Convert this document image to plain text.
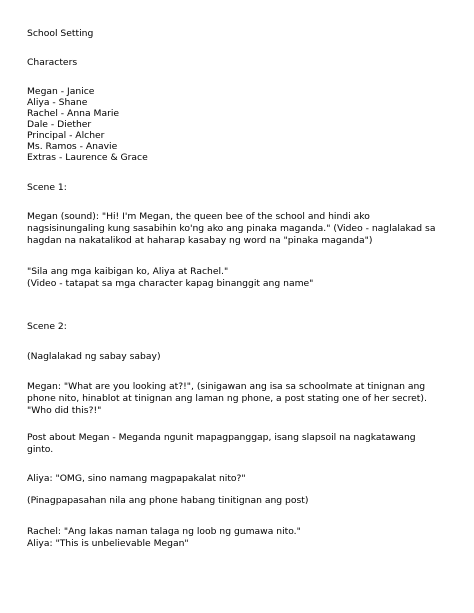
School Setting
Characters
Megan - Janice
Aliya - Shane
Rachel - Anna Marie
Dale - Diether
Principal - Alcher
Ms. Ramos - Anavie
Extras - Laurence & Grace
Scene 1:
Megan (sound): "Hi! I'm Megan, the queen bee of the school and hindi ako
nagsisinungaling kung sasabihin ko'ng ako ang pinaka maganda." (Video - naglalakad sa
hagdan na nakatalikod at haharap kasabay ng word na "pinaka maganda")
"Sila ang mga kaibigan ko, Aliya at Rachel."
(Video - tatapat sa mga character kapag binanggit ang name"
Scene 2:
(Naglalakad ng sabay sabay)
Megan: "What are you looking at?!", (sinigawan ang isa sa schoolmate at tinignan ang
phone nito, hinablot at tinignan ang laman ng phone, a post stating one of her secret).
"Who did this?!"
Post about Megan - Meganda ngunit mapagpanggap, isang slapsoil na nagkatawang
ginto.
Aliya: "OMG, sino namang magpapakalat nito?"
(Pinagpapasahan nila ang phone habang tinitignan ang post)
Rachel: "Ang lakas naman talaga ng loob ng gumawa nito."
Aliya: "This is unbelievable Megan"
